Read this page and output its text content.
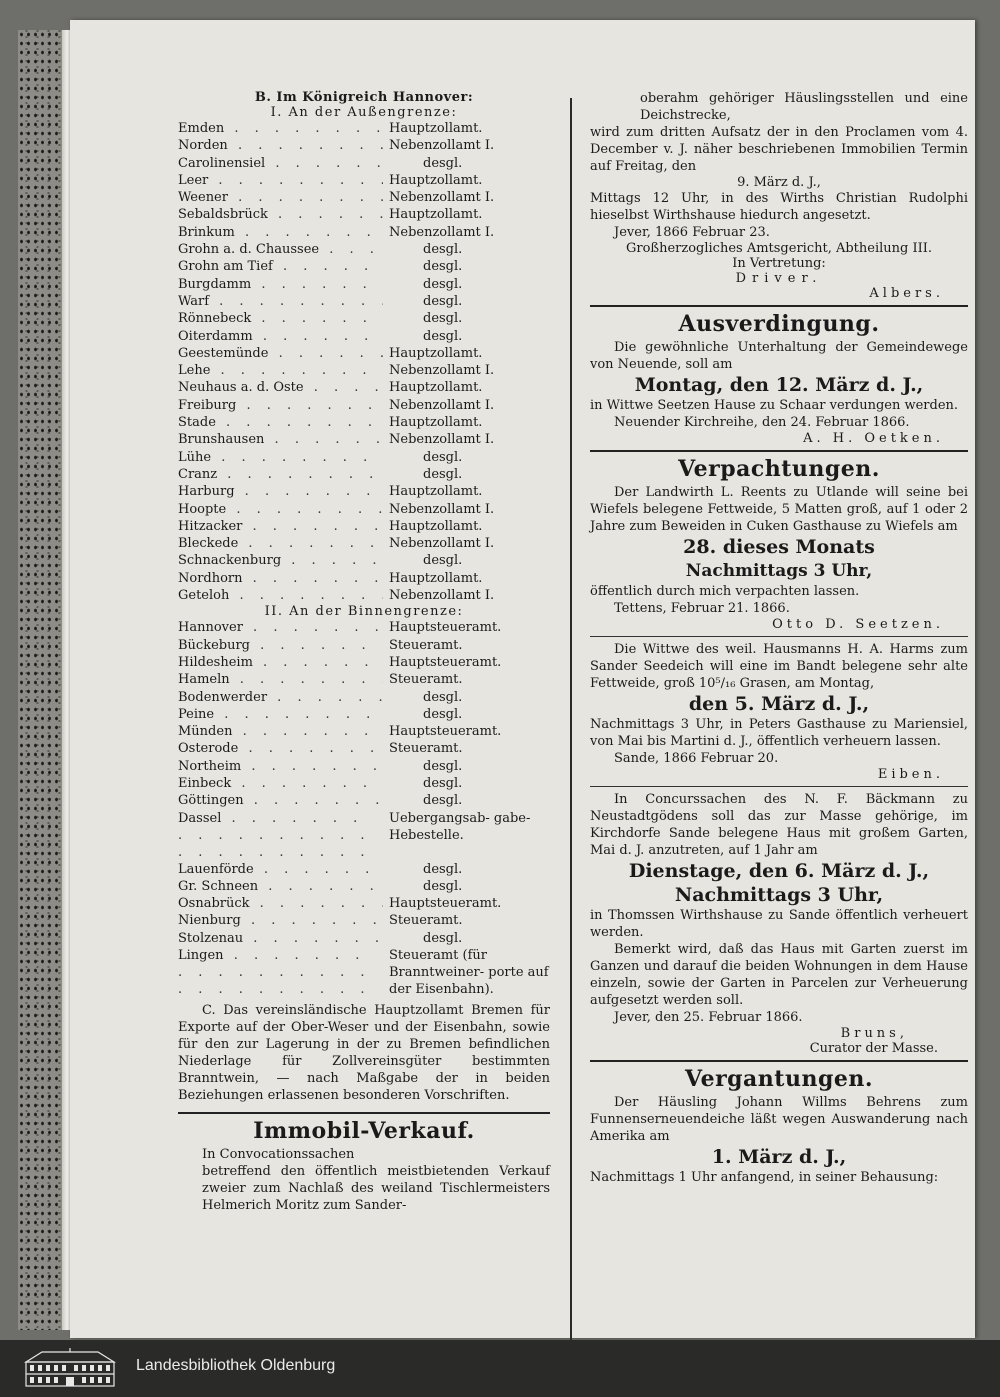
B. Im Königreich Hannover:
I. An der Außengrenze:
Emden . . .	Hauptzollamt.
Norden . . .	Nebenzollamt I.
Carolinensiel . . .	desgl.
Leer . . .	Hauptzollamt.
Weener . . .	Nebenzollamt I.
Sebaldsbrück . . .	Hauptzollamt.
Brinkum . . .	Nebenzollamt I.
Grohn a. d. Chaussee . . .	desgl.
Grohn am Tief . . .	desgl.
Burgdamm . . .	desgl.
Warf . . .	desgl.
Rönnebeck . . .	desgl.
Oiterdamm . . .	desgl.
Geestemünde . . .	Hauptzollamt.
Lehe . . .	Nebenzollamt I.
Neuhaus a. d. Oste . . .	Hauptzollamt.
Freiburg . . .	Nebenzollamt I.
Stade . . .	Hauptzollamt.
Brunshausen . . .	Nebenzollamt I.
Lühe . . .	desgl.
Cranz . . .	desgl.
Harburg . . .	Hauptzollamt.
Hoopte . . .	Nebenzollamt I.
Hitzacker . . .	Hauptzollamt.
Bleckede . . .	Nebenzollamt I.
Schnackenburg . . .	desgl.
Nordhorn . . .	Hauptzollamt.
Geteloh . . .	Nebenzollamt I.
II. An der Binnengrenze:
Hannover . . .	Hauptsteueramt.
Bückeburg . . .	Steueramt.
Hildesheim . . .	Hauptsteueramt.
Hameln . . .	Steueramt.
Bodenwerder . . .	desgl.
Peine . . .	desgl.
Münden . . .	Hauptsteueramt.
Osterode . . .	Steueramt.
Northeim . . .	desgl.
Einbeck . . .	desgl.
Göttingen . . .	desgl.
Dassel . . .	Uebergangsab- gabe-Hebestelle.
Lauenförde . . .	desgl.
Gr. Schneen . . .	desgl.
Osnabrück . . .	Hauptsteueramt.
Nienburg . . .	Steueramt.
Stolzenau . . .	desgl.
Lingen . . .	Steueramt (für Branntweiner- porte auf der Eisenbahn).

C. Das vereinsländische Hauptzollamt Bremen für Exporte auf der Ober-Weser und der Eisenbahn, sowie für den zur Lagerung in der zu Bremen befindlichen Niederlage für Zollvereinsgüter bestimmten Branntwein, — nach Maßgabe der in beiden Beziehungen erlassenen besonderen Vorschriften.

Immobil-Verkauf.
In Convocationssachen

betreffend den öffentlich meistbietenden Verkauf zweier zum Nachlaß des weiland Tischlermeisters Helmerich Moritz zum Sander-

oberahm gehöriger Häuslingsstellen und eine Deichstrecke,

wird zum dritten Aufsatz der in den Proclamen vom 4. December v. J. näher beschriebenen Immobilien Termin auf Freitag, den

9. März d. J.,

Mittags 12 Uhr, in des Wirths Christian Rudolphi hieselbst Wirthshause hiedurch angesetzt.

Jever, 1866 Februar 23.
Großherzogliches Amtsgericht, Abtheilung III.
In Vertretung:
Driver.
Albers.
Ausverdingung.

Die gewöhnliche Unterhaltung der Gemeindewege von Neuende, soll am

Montag, den 12. März d. J.,

in Wittwe Seetzen Hause zu Schaar verdungen werden.

Neuender Kirchreihe, den 24. Februar 1866.
A. H. Oetken.
Verpachtungen.

Der Landwirth L. Reents zu Utlande will seine bei Wiefels belegene Fettweide, 5 Matten groß, auf 1 oder 2 Jahre zum Beweiden in Cuken Gasthause zu Wiefels am

28. dieses Monats
Nachmittags 3 Uhr,

öffentlich durch mich verpachten lassen.

Tettens, Februar 21. 1866.
Otto D. Seetzen.

Die Wittwe des weil. Hausmanns H. A. Harms zum Sander Seedeich will eine im Bandt belegene sehr alte Fettweide, groß 10⁵/₁₆ Grasen, am Montag,

den 5. März d. J.,

Nachmittags 3 Uhr, in Peters Gasthause zu Mariensiel, von Mai bis Martini d. J., öffentlich verheuern lassen.

Sande, 1866 Februar 20.
Eiben.

In Concurssachen des N. F. Bäckmann zu Neustadtgödens soll das zur Masse gehörige, im Kirchdorfe Sande belegene Haus mit großem Garten, Mai d. J. anzutreten, auf 1 Jahr am

Dienstage, den 6. März d. J.,
Nachmittags 3 Uhr,

in Thomssen Wirthshause zu Sande öffentlich verheuert werden.

Bemerkt wird, daß das Haus mit Garten zuerst im Ganzen und darauf die beiden Wohnungen in dem Hause einzeln, sowie der Garten in Parcelen zur Verheuerung aufgesetzt werden soll.

Jever, den 25. Februar 1866.
Bruns,
Curator der Masse.
Vergantungen.

Der Häusling Johann Willms Behrens zum Funnenserneuendeiche läßt wegen Auswanderung nach Amerika am

1. März d. J.,

Nachmittags 1 Uhr anfangend, in seiner Behausung:

Landesbibliothek Oldenburg
